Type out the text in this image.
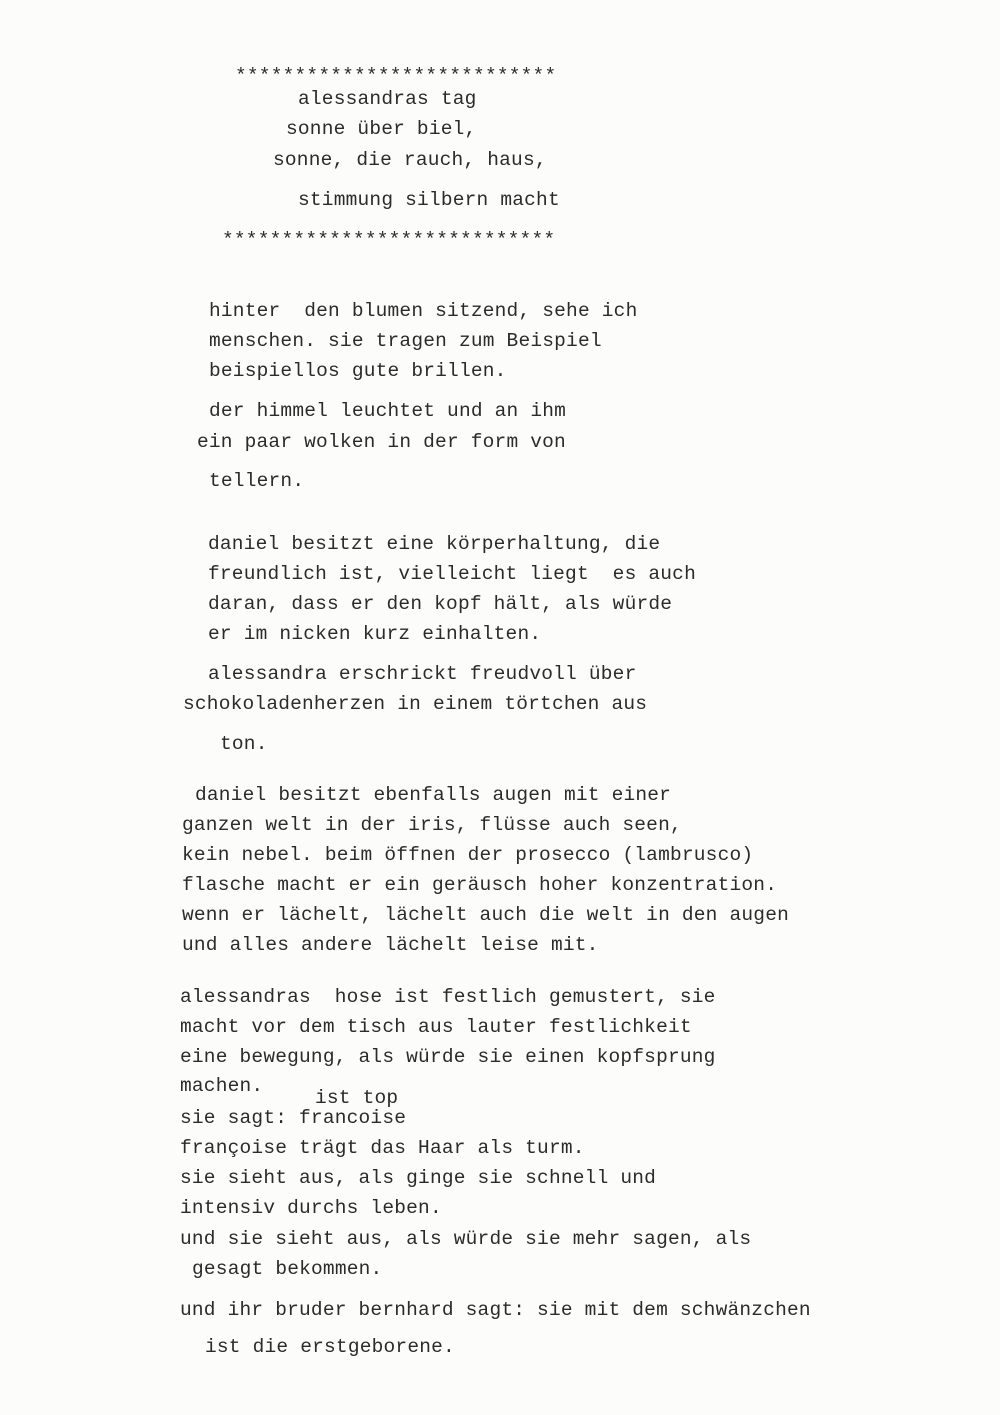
***************************
alessandras tag
sonne über biel,
sonne, die rauch, haus,
stimmung silbern macht
****************************
hinter  den blumen sitzend, sehe ich
menschen. sie tragen zum Beispiel
beispiellos gute brillen.
der himmel leuchtet und an ihm
ein paar wolken in der form von
tellern.
daniel besitzt eine körperhaltung, die
freundlich ist, vielleicht liegt  es auch
daran, dass er den kopf hält, als würde
er im nicken kurz einhalten.
alessandra erschrickt freudvoll über
schokoladenherzen in einem törtchen aus
ton.
daniel besitzt ebenfalls augen mit einer
ganzen welt in der iris, flüsse auch seen,
kein nebel. beim öffnen der prosecco (lambrusco)
flasche macht er ein geräusch hoher konzentration.
wenn er lächelt, lächelt auch die welt in den augen
und alles andere lächelt leise mit.
alessandras  hose ist festlich gemustert, sie
macht vor dem tisch aus lauter festlichkeit
eine bewegung, als würde sie einen kopfsprung
machen.
ist top
sie sagt: francoise
françoise trägt das Haar als turm.
sie sieht aus, als ginge sie schnell und
intensiv durchs leben.
und sie sieht aus, als würde sie mehr sagen, als
gesagt bekommen.
und ihr bruder bernhard sagt: sie mit dem schwänzchen
ist die erstgeborene.
